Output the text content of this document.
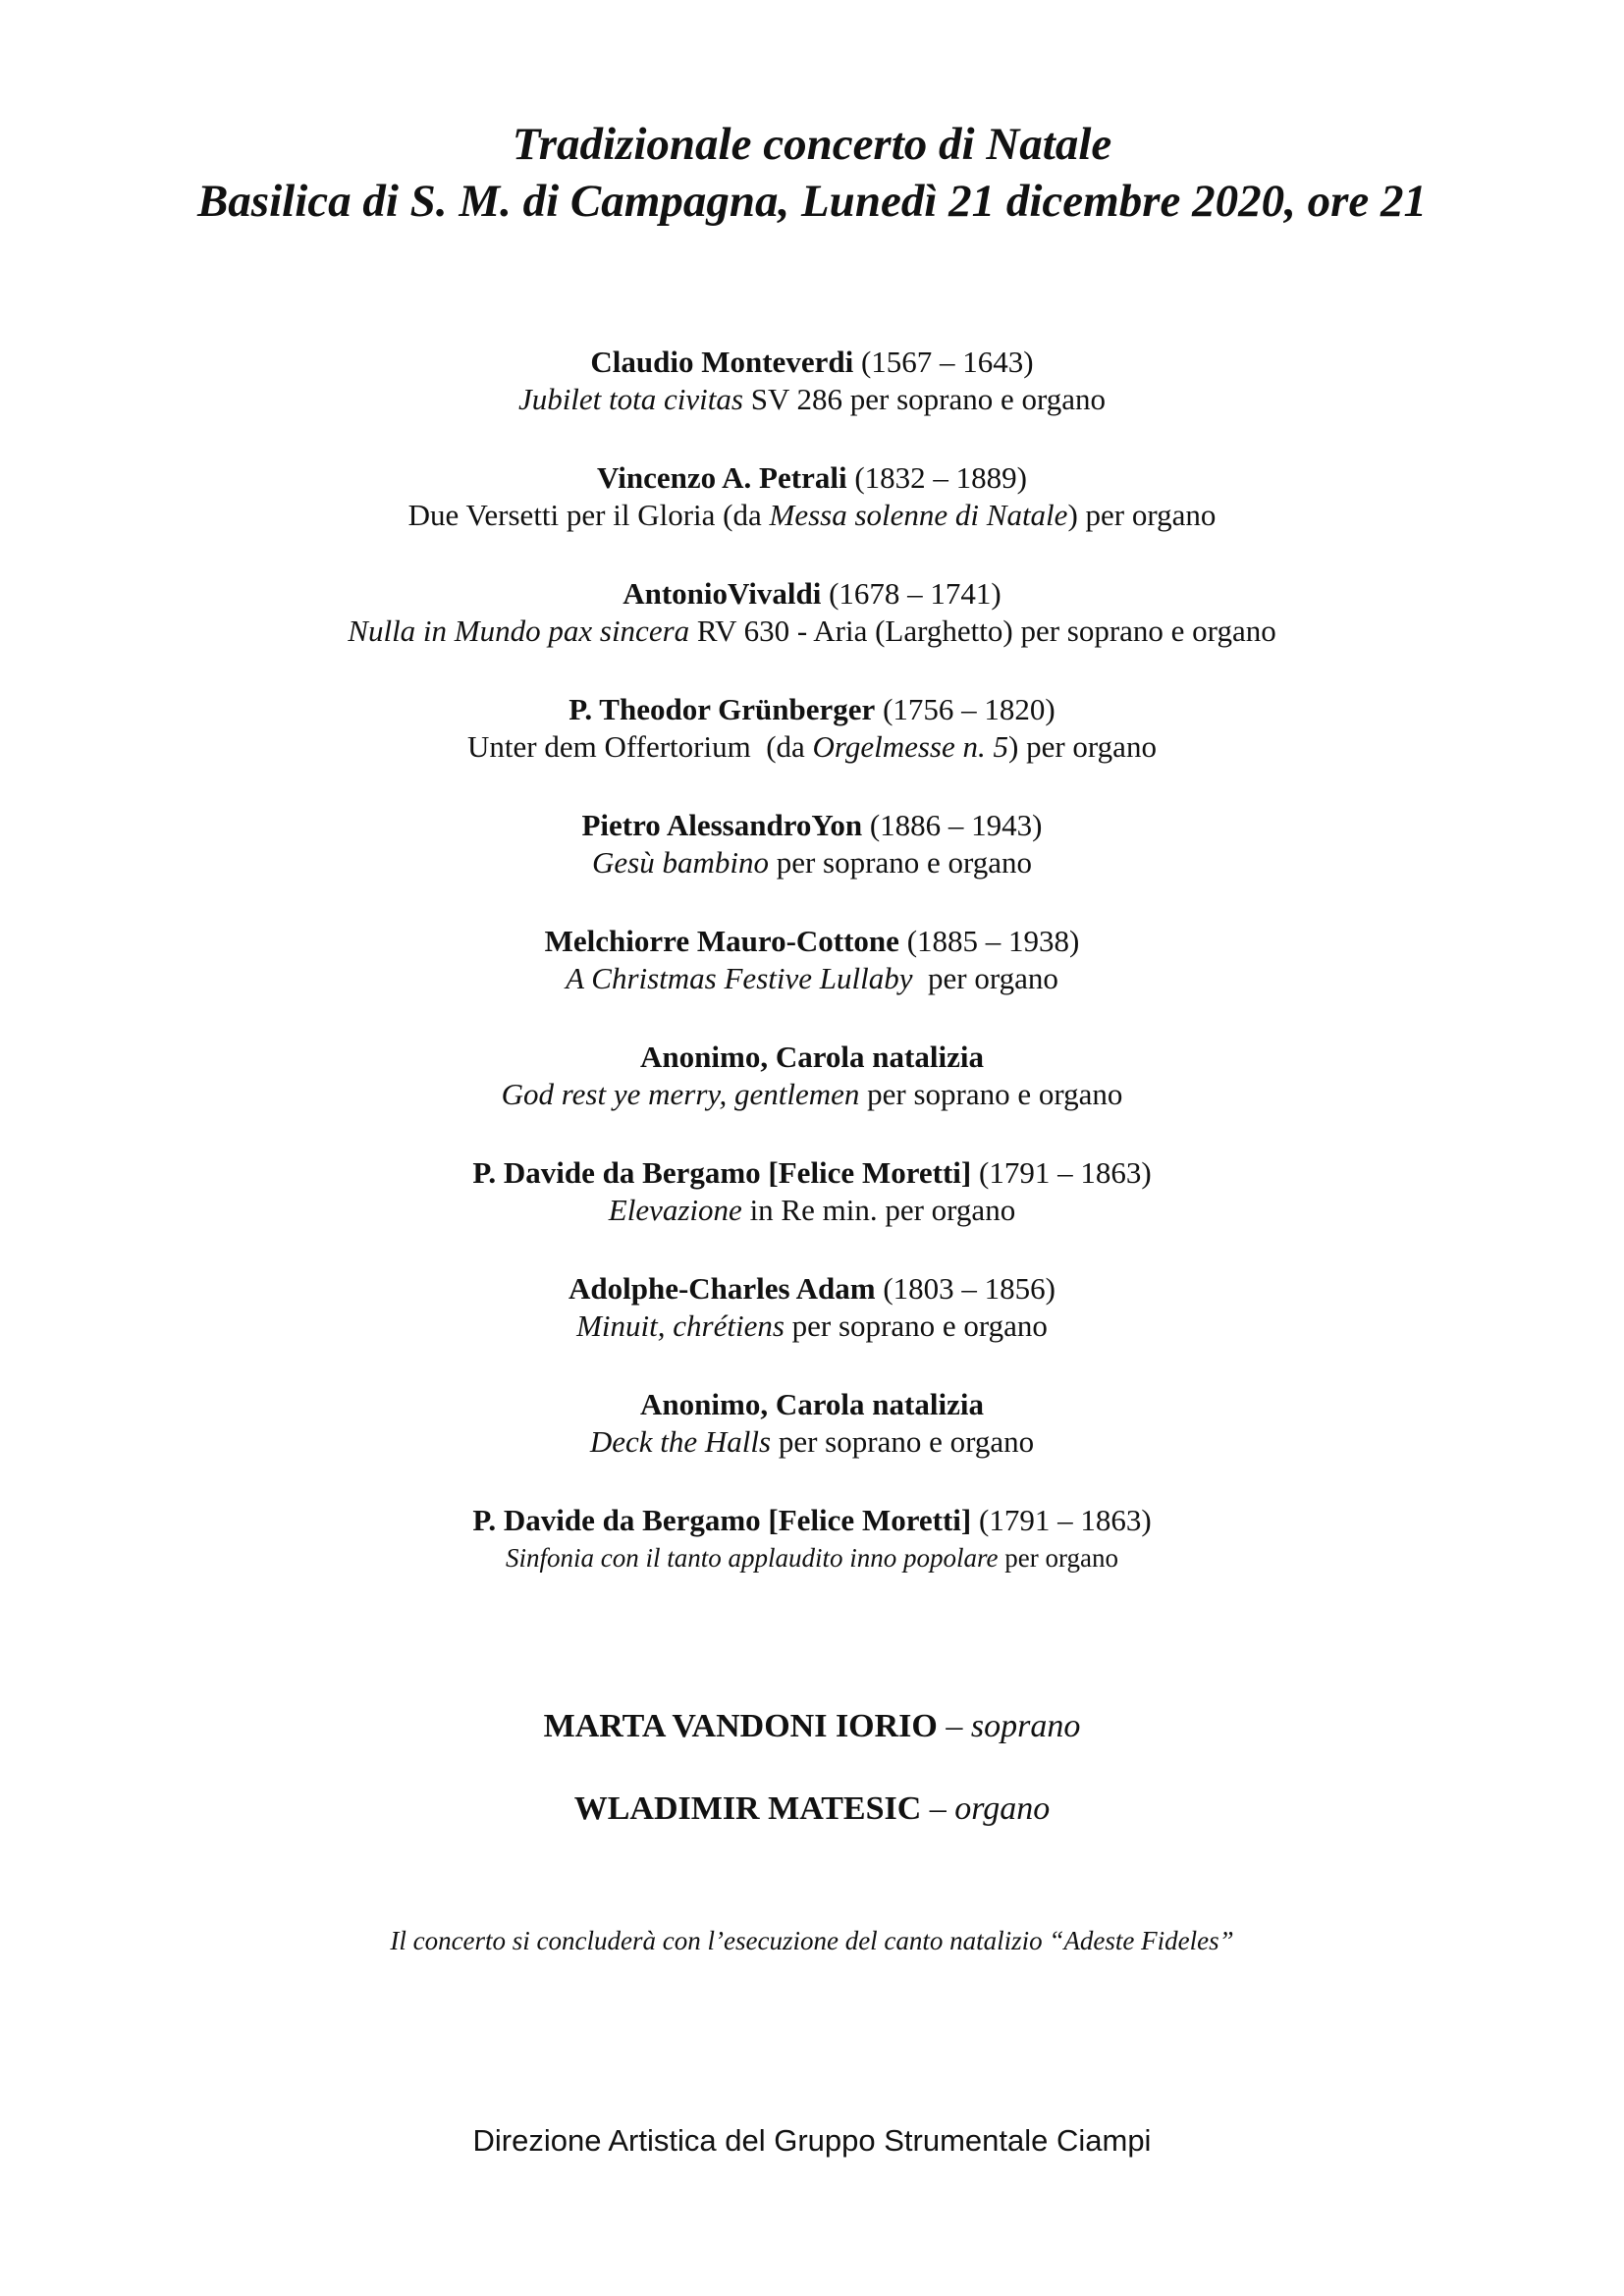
Tradizionale concerto di Natale
Basilica di S. M. di Campagna, Lunedì 21 dicembre 2020, ore 21
Claudio Monteverdi (1567 – 1643)
Jubilet tota civitas SV 286 per soprano e organo
Vincenzo A. Petrali (1832 – 1889)
Due Versetti per il Gloria (da Messa solenne di Natale) per organo
AntonioVivaldi (1678 – 1741)
Nulla in Mundo pax sincera RV 630 - Aria (Larghetto) per soprano e organo
P. Theodor Grünberger (1756 – 1820)
Unter dem Offertorium  (da Orgelmesse n. 5) per organo
Pietro AlessandroYon (1886 – 1943)
Gesù bambino per soprano e organo
Melchiorre Mauro-Cottone (1885 – 1938)
A Christmas Festive Lullaby  per organo
Anonimo, Carola natalizia
God rest ye merry, gentlemen per soprano e organo
P. Davide da Bergamo [Felice Moretti] (1791 – 1863)
Elevazione in Re min. per organo
Adolphe-Charles Adam (1803 – 1856)
Minuit, chrétiens per soprano e organo
Anonimo, Carola natalizia
Deck the Halls per soprano e organo
P. Davide da Bergamo [Felice Moretti] (1791 – 1863)
Sinfonia con il tanto applaudito inno popolare per organo
MARTA VANDONI IORIO – soprano
WLADIMIR MATESIC – organo
Il concerto si concluderà con l’esecuzione del canto natalizio “Adeste Fideles”
Direzione Artistica del Gruppo Strumentale Ciampi
